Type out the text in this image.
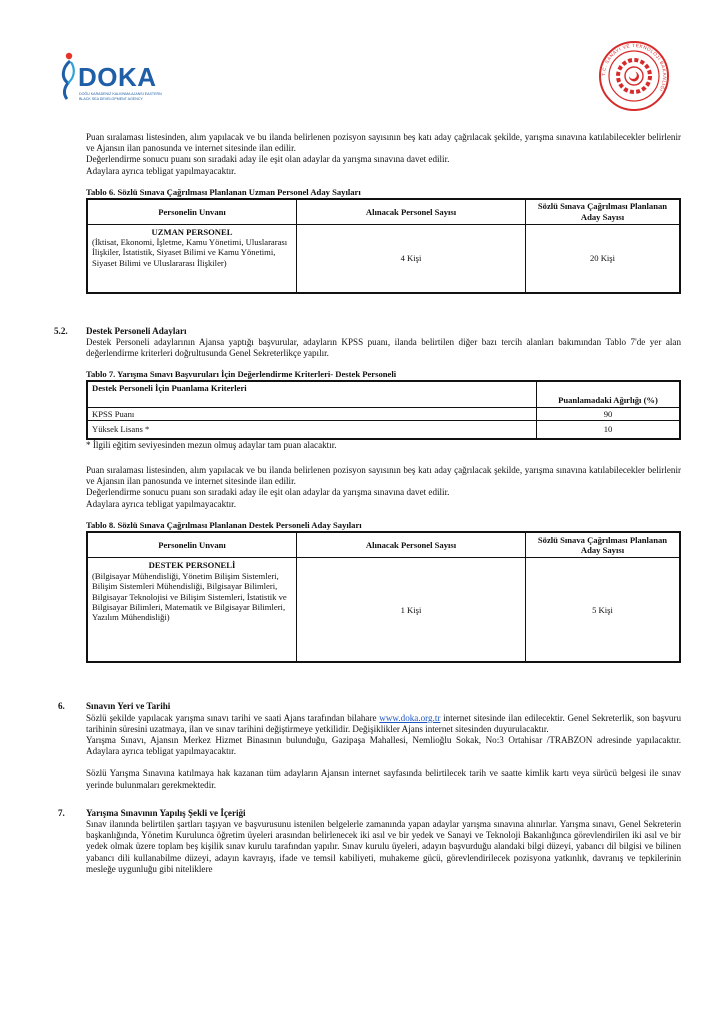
DOKA
DOĞU KARADENİZ KALKINMA AJANSI EASTERN BLACK SEA DEVELOPMENT AGENCY
T.C. SANAYİ VE TEKNOLOJİ BAKANLIĞI

Puan sıralaması listesinden, alım yapılacak ve bu ilanda belirlenen pozisyon sayısının beş katı aday çağrılacak şekilde, yarışma sınavına katılabilecekler belirlenir ve Ajansın ilan panosunda ve internet sitesinde ilan edilir.

Değerlendirme sonucu puanı son sıradaki aday ile eşit olan adaylar da yarışma sınavına davet edilir.

Adaylara ayrıca tebligat yapılmayacaktır.

Tablo 6. Sözlü Sınava Çağrılması Planlanan Uzman Personel Aday Sayıları

Personelin Unvanı	Alınacak Personel Sayısı	Sözlü Sınava Çağrılması Planlanan Aday Sayısı

UZMAN PERSONEL
(İktisat, Ekonomi, İşletme, Kamu Yönetimi, Uluslararası İlişkiler, İstatistik, Siyaset Bilimi ve Kamu Yönetimi, Siyaset Bilimi ve Uluslararası İlişkiler)	4 Kişi	20 Kişi
5.2. Destek Personeli Adayları

Destek Personeli adaylarının Ajansa yaptığı başvurular, adayların KPSS puanı, ilanda belirtilen diğer bazı tercih alanları bakımından Tablo 7'de yer alan değerlendirme kriterleri doğrultusunda Genel Sekreterlikçe yapılır.

Tablo 7. Yarışma Sınavı Başvuruları İçin Değerlendirme Kriterleri- Destek Personeli

Destek Personeli İçin Puanlama Kriterleri	Puanlamadaki Ağırlığı (%)
KPSS Puanı	90
Yüksek Lisans *	10

* İlgili eğitim seviyesinden mezun olmuş adaylar tam puan alacaktır.

Puan sıralaması listesinden, alım yapılacak ve bu ilanda belirlenen pozisyon sayısının beş katı aday çağrılacak şekilde, yarışma sınavına katılabilecekler belirlenir ve Ajansın ilan panosunda ve internet sitesinde ilan edilir.

Değerlendirme sonucu puanı son sıradaki aday ile eşit olan adaylar da yarışma sınavına davet edilir.

Adaylara ayrıca tebligat yapılmayacaktır.

Tablo 8. Sözlü Sınava Çağrılması Planlanan Destek Personeli Aday Sayıları

Personelin Unvanı	Alınacak Personel Sayısı	Sözlü Sınava Çağrılması Planlanan Aday Sayısı

DESTEK PERSONELİ
(Bilgisayar Mühendisliği, Yönetim Bilişim Sistemleri, Bilişim Sistemleri Mühendisliği, Bilgisayar Bilimleri, Bilgisayar Teknolojisi ve Bilişim Sistemleri, İstatistik ve Bilgisayar Bilimleri, Matematik ve Bilgisayar Bilimleri, Yazılım Mühendisliği)	1 Kişi	5 Kişi
6. Sınavın Yeri ve Tarihi

Sözlü şekilde yapılacak yarışma sınavı tarihi ve saati Ajans tarafından bilahare www.doka.org.tr internet sitesinde ilan edilecektir. Genel Sekreterlik, son başvuru tarihinin süresini uzatmaya, ilan ve sınav tarihini değiştirmeye yetkilidir. Değişiklikler Ajans internet sitesinden duyurulacaktır.

Yarışma Sınavı, Ajansın Merkez Hizmet Binasının bulunduğu, Gazipaşa Mahallesi, Nemlioğlu Sokak, No:3 Ortahisar /TRABZON adresinde yapılacaktır. Adaylara ayrıca tebligat yapılmayacaktır.

Sözlü Yarışma Sınavına katılmaya hak kazanan tüm adayların Ajansın internet sayfasında belirtilecek tarih ve saatte kimlik kartı veya sürücü belgesi ile sınav yerinde bulunmaları gerekmektedir.

7. Yarışma Sınavının Yapılış Şekli ve İçeriği

Sınav ilanında belirtilen şartları taşıyan ve başvurusunu istenilen belgelerle zamanında yapan adaylar yarışma sınavına alınırlar. Yarışma sınavı, Genel Sekreterin başkanlığında, Yönetim Kurulunca öğretim üyeleri arasından belirlenecek iki asıl ve bir yedek ve Sanayi ve Teknoloji Bakanlığınca görevlendirilen iki asıl ve bir yedek olmak üzere toplam beş kişilik sınav kurulu tarafından yapılır. Sınav kurulu üyeleri, adayın başvurduğu alandaki bilgi düzeyi, yabancı dil bilgisi ve bilinen yabancı dili kullanabilme düzeyi, adayın kavrayış, ifade ve temsil kabiliyeti, muhakeme gücü, görevlendirilecek pozisyona yatkınlık, davranış ve tepkilerinin mesleğe uygunluğu gibi niteliklere
